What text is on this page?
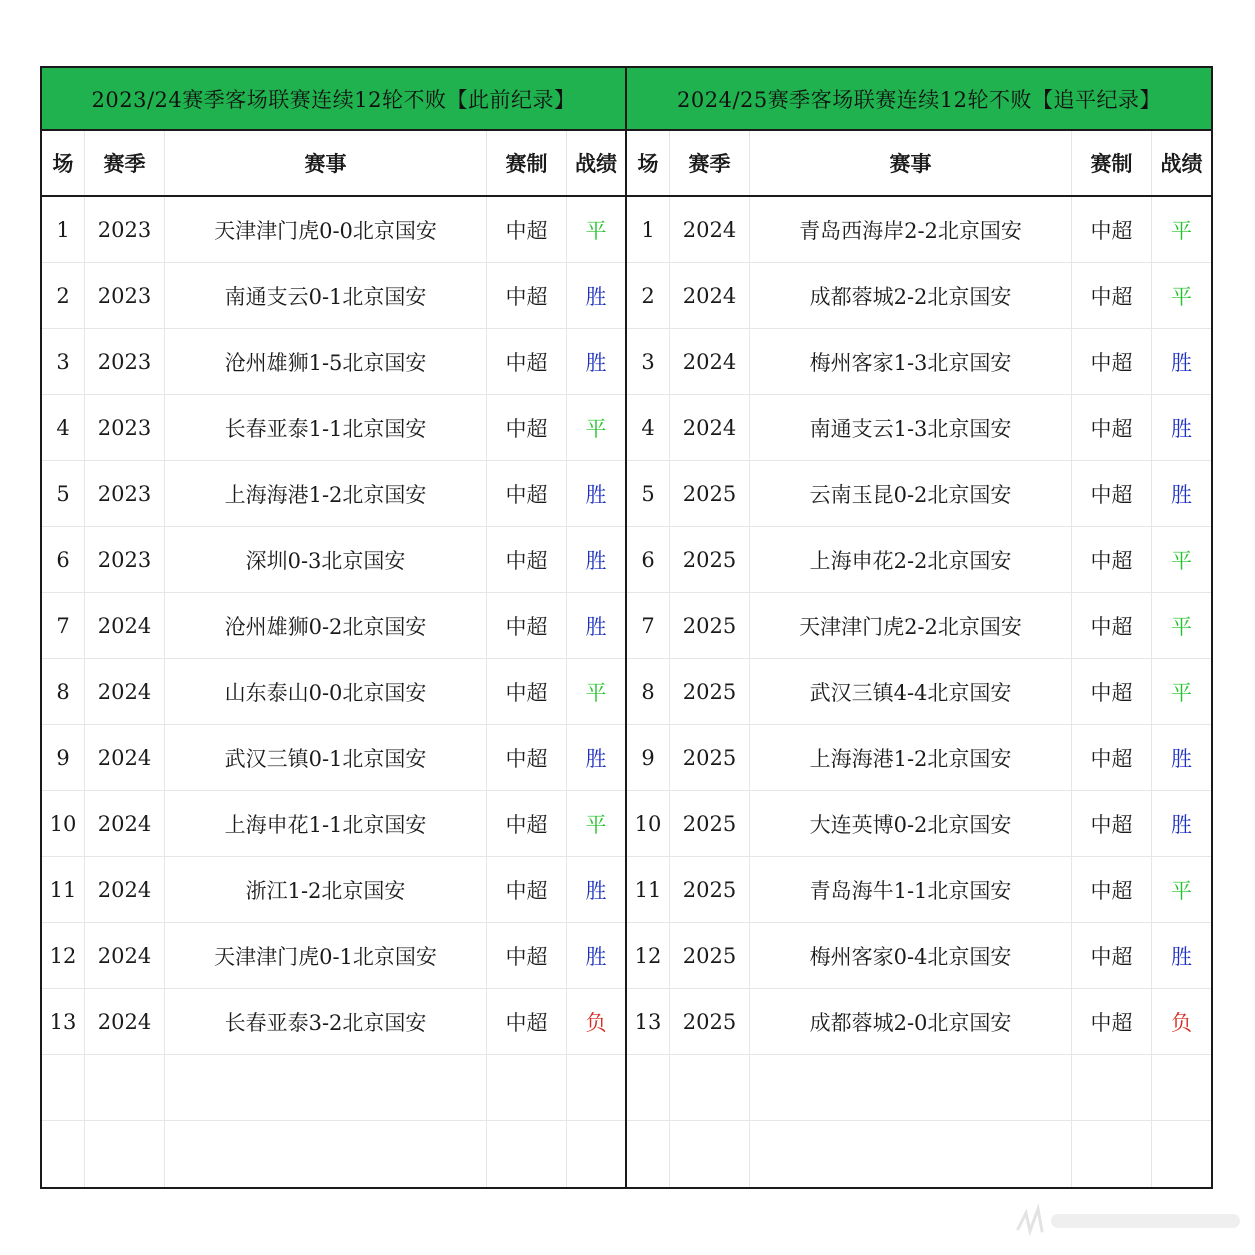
2023/24赛季客场联赛连续12轮不败【此前纪录】
场	赛季	赛事	赛制	战绩
1	2023	天津津门虎0-0北京国安	中超	平
2	2023	南通支云0-1北京国安	中超	胜
3	2023	沧州雄狮1-5北京国安	中超	胜
4	2023	长春亚泰1-1北京国安	中超	平
5	2023	上海海港1-2北京国安	中超	胜
6	2023	深圳0-3北京国安	中超	胜
7	2024	沧州雄狮0-2北京国安	中超	胜
8	2024	山东泰山0-0北京国安	中超	平
9	2024	武汉三镇0-1北京国安	中超	胜
10	2024	上海申花1-1北京国安	中超	平
11	2024	浙江1-2北京国安	中超	胜
12	2024	天津津门虎0-1北京国安	中超	胜
13	2024	长春亚泰3-2北京国安	中超	负
2024/25赛季客场联赛连续12轮不败【追平纪录】
场	赛季	赛事	赛制	战绩
1	2024	青岛西海岸2-2北京国安	中超	平
2	2024	成都蓉城2-2北京国安	中超	平
3	2024	梅州客家1-3北京国安	中超	胜
4	2024	南通支云1-3北京国安	中超	胜
5	2025	云南玉昆0-2北京国安	中超	胜
6	2025	上海申花2-2北京国安	中超	平
7	2025	天津津门虎2-2北京国安	中超	平
8	2025	武汉三镇4-4北京国安	中超	平
9	2025	上海海港1-2北京国安	中超	胜
10	2025	大连英博0-2北京国安	中超	胜
11	2025	青岛海牛1-1北京国安	中超	平
12	2025	梅州客家0-4北京国安	中超	胜
13	2025	成都蓉城2-0北京国安	中超	负
